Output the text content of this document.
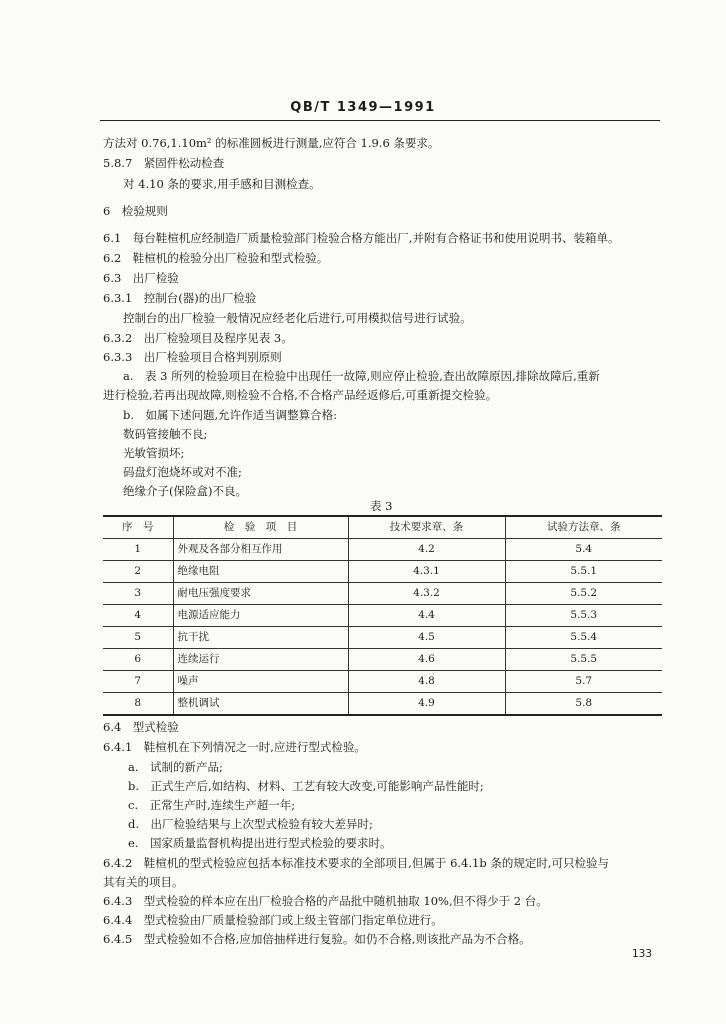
QB/T 1349—1991
方法对 0.76,1.10m² 的标准圆板进行测量,应符合 1.9.6 条要求。
5.8.7　紧固件松动检查
对 4.10 条的要求,用手感和目测检查。
6　检验规则
6.1　每台鞋楦机应经制造厂质量检验部门检验合格方能出厂,并附有合格证书和使用说明书、装箱单。
6.2　鞋楦机的检验分出厂检验和型式检验。
6.3　出厂检验
6.3.1　控制台(器)的出厂检验
控制台的出厂检验一般情况应经老化后进行,可用模拟信号进行试验。
6.3.2　出厂检验项目及程序见表 3。
6.3.3　出厂检验项目合格判别原则
a.　表 3 所列的检验项目在检验中出现任一故障,则应停止检验,查出故障原因,排除故障后,重新
进行检验,若再出现故障,则检验不合格,不合格产品经返修后,可重新提交检验。
b.　如属下述问题,允许作适当调整算合格:
数码管接触不良;
光敏管损坏;
码盘灯泡烧坏或对不准;
绝缘介子(保险盒)不良。
表 3
序　号	检　验　项　目	技术要求章、条	试验方法章、条
1	外观及各部分相互作用	4.2	5.4
2	绝缘电阻	4.3.1	5.5.1
3	耐电压强度要求	4.3.2	5.5.2
4	电源适应能力	4.4	5.5.3
5	抗干扰	4.5	5.5.4
6	连续运行	4.6	5.5.5
7	噪声	4.8	5.7
8	整机调试	4.9	5.8
6.4　型式检验
6.4.1　鞋楦机在下列情况之一时,应进行型式检验。
a.　试制的新产品;
b.　正式生产后,如结构、材料、工艺有较大改变,可能影响产品性能时;
c.　正常生产时,连续生产超一年;
d.　出厂检验结果与上次型式检验有较大差异时;
e.　国家质量监督机构提出进行型式检验的要求时。
6.4.2　鞋楦机的型式检验应包括本标准技术要求的全部项目,但属于 6.4.1b 条的规定时,可只检验与
其有关的项目。
6.4.3　型式检验的样本应在出厂检验合格的产品批中随机抽取 10%,但不得少于 2 台。
6.4.4　型式检验由厂质量检验部门或上级主管部门指定单位进行。
6.4.5　型式检验如不合格,应加倍抽样进行复验。如仍不合格,则该批产品为不合格。
133
